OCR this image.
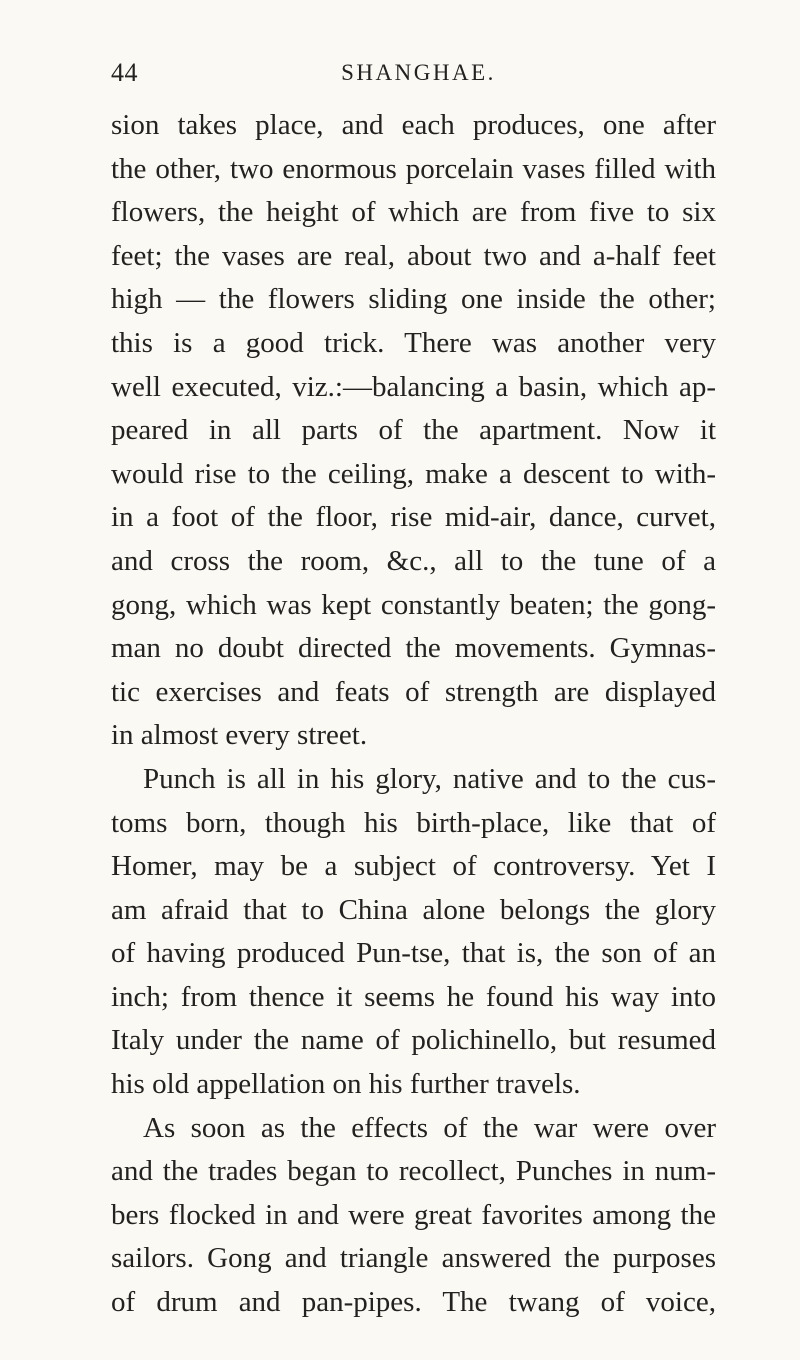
44	SHANGHAE.
sion takes place, and each produces, one after
the other, two enormous porcelain vases filled with
flowers, the height of which are from five to six
feet; the vases are real, about two and a-half feet
high — the flowers sliding one inside the other;
this is a good trick. There was another very
well executed, viz.:—balancing a basin, which ap-
peared in all parts of the apartment. Now it
would rise to the ceiling, make a descent to with-
in a foot of the floor, rise mid-air, dance, curvet,
and cross the room, &c., all to the tune of a
gong, which was kept constantly beaten; the gong-
man no doubt directed the movements. Gymnas-
tic exercises and feats of strength are displayed
in almost every street.
Punch is all in his glory, native and to the cus-
toms born, though his birth-place, like that of
Homer, may be a subject of controversy. Yet I
am afraid that to China alone belongs the glory
of having produced Pun-tse, that is, the son of an
inch; from thence it seems he found his way into
Italy under the name of polichinello, but resumed
his old appellation on his further travels.
As soon as the effects of the war were over
and the trades began to recollect, Punches in num-
bers flocked in and were great favorites among the
sailors. Gong and triangle answered the purposes
of drum and pan-pipes. The twang of voice,
